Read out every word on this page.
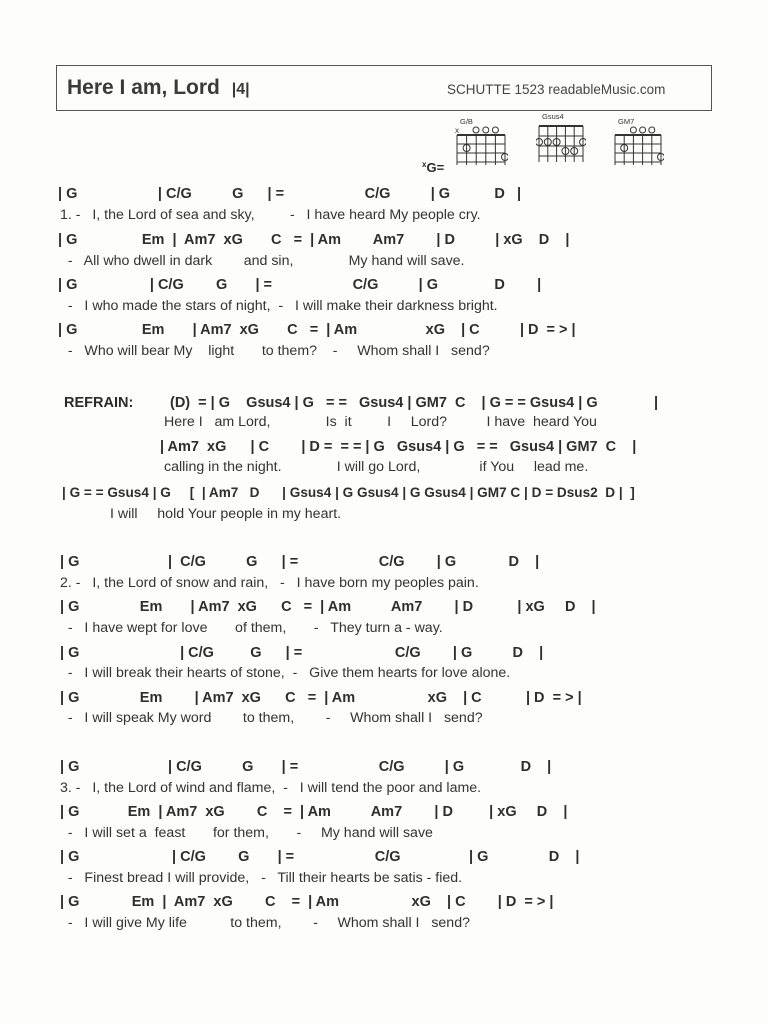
Here I am, Lord |4|	SCHUTTE 1523 readableMusic.com
$^x$G=
G/B
x
Gsus4
GM7
| G                    | C/G          G      | =                    C/G          | G           D   |
1. -   I, the Lord of sea and sky,         -   I have heard My people cry.
| G                Em  |  Am7  xG       C   =  | Am        Am7        | D          | xG    D    |
-   All who dwell in dark        and sin,              My hand will save.
| G                  | C/G        G       | =                    C/G          | G              D        |
-   I who made the stars of night,  -   I will make their darkness bright.
| G                Em       | Am7  xG       C   =  | Am                 xG    | C          | D  = > |
-   Who will bear My    light       to them?    -     Whom shall I   send?

REFRAIN:

	(D)  = | G    Gsus4 | G   = =   Gsus4 | GM7  C    | G = = Gsus4 | G              |

Here I   am Lord,              Is  it         I     Lord?          I have  heard You
| Am7  xG      | C        | D =  = = | G   Gsus4 | G   = =   Gsus4 | GM7  C    |
calling in the night.              I will go Lord,               if You     lead me.
| G = = Gsus4 | G     [  | Am7   D      | Gsus4 | G Gsus4 | G Gsus4 | GM7 C | D = Dsus2  D |  ]
I will     hold Your people in my heart.
| G                      |  C/G          G      | =                    C/G        | G             D    |
2. -   I, the Lord of snow and rain,   -   I have born my peoples pain.
| G               Em       | Am7  xG      C   =  | Am          Am7        | D           | xG     D    |
-   I have wept for love       of them,       -   They turn a - way.
| G                         | C/G         G      | =                       C/G        | G          D    |
-   I will break their hearts of stone,  -   Give them hearts for love alone.
| G               Em        | Am7  xG      C   =  | Am                  xG    | C           | D  = > |
-   I will speak My word        to them,        -     Whom shall I   send?
| G                      | C/G          G       | =                    C/G          | G              D    |
3. -   I, the Lord of wind and flame,  -   I will tend the poor and lame.
| G            Em  | Am7  xG        C    =  | Am          Am7        | D         | xG     D    |
-   I will set a  feast       for them,       -     My hand will save
| G                       | C/G        G       | =                    C/G                 | G               D    |
-   Finest bread I will provide,   -   Till their hearts be satis - fied.
| G             Em  |  Am7  xG        C    =  | Am                  xG    | C        | D  = > |
-   I will give My life           to them,        -     Whom shall I   send?
